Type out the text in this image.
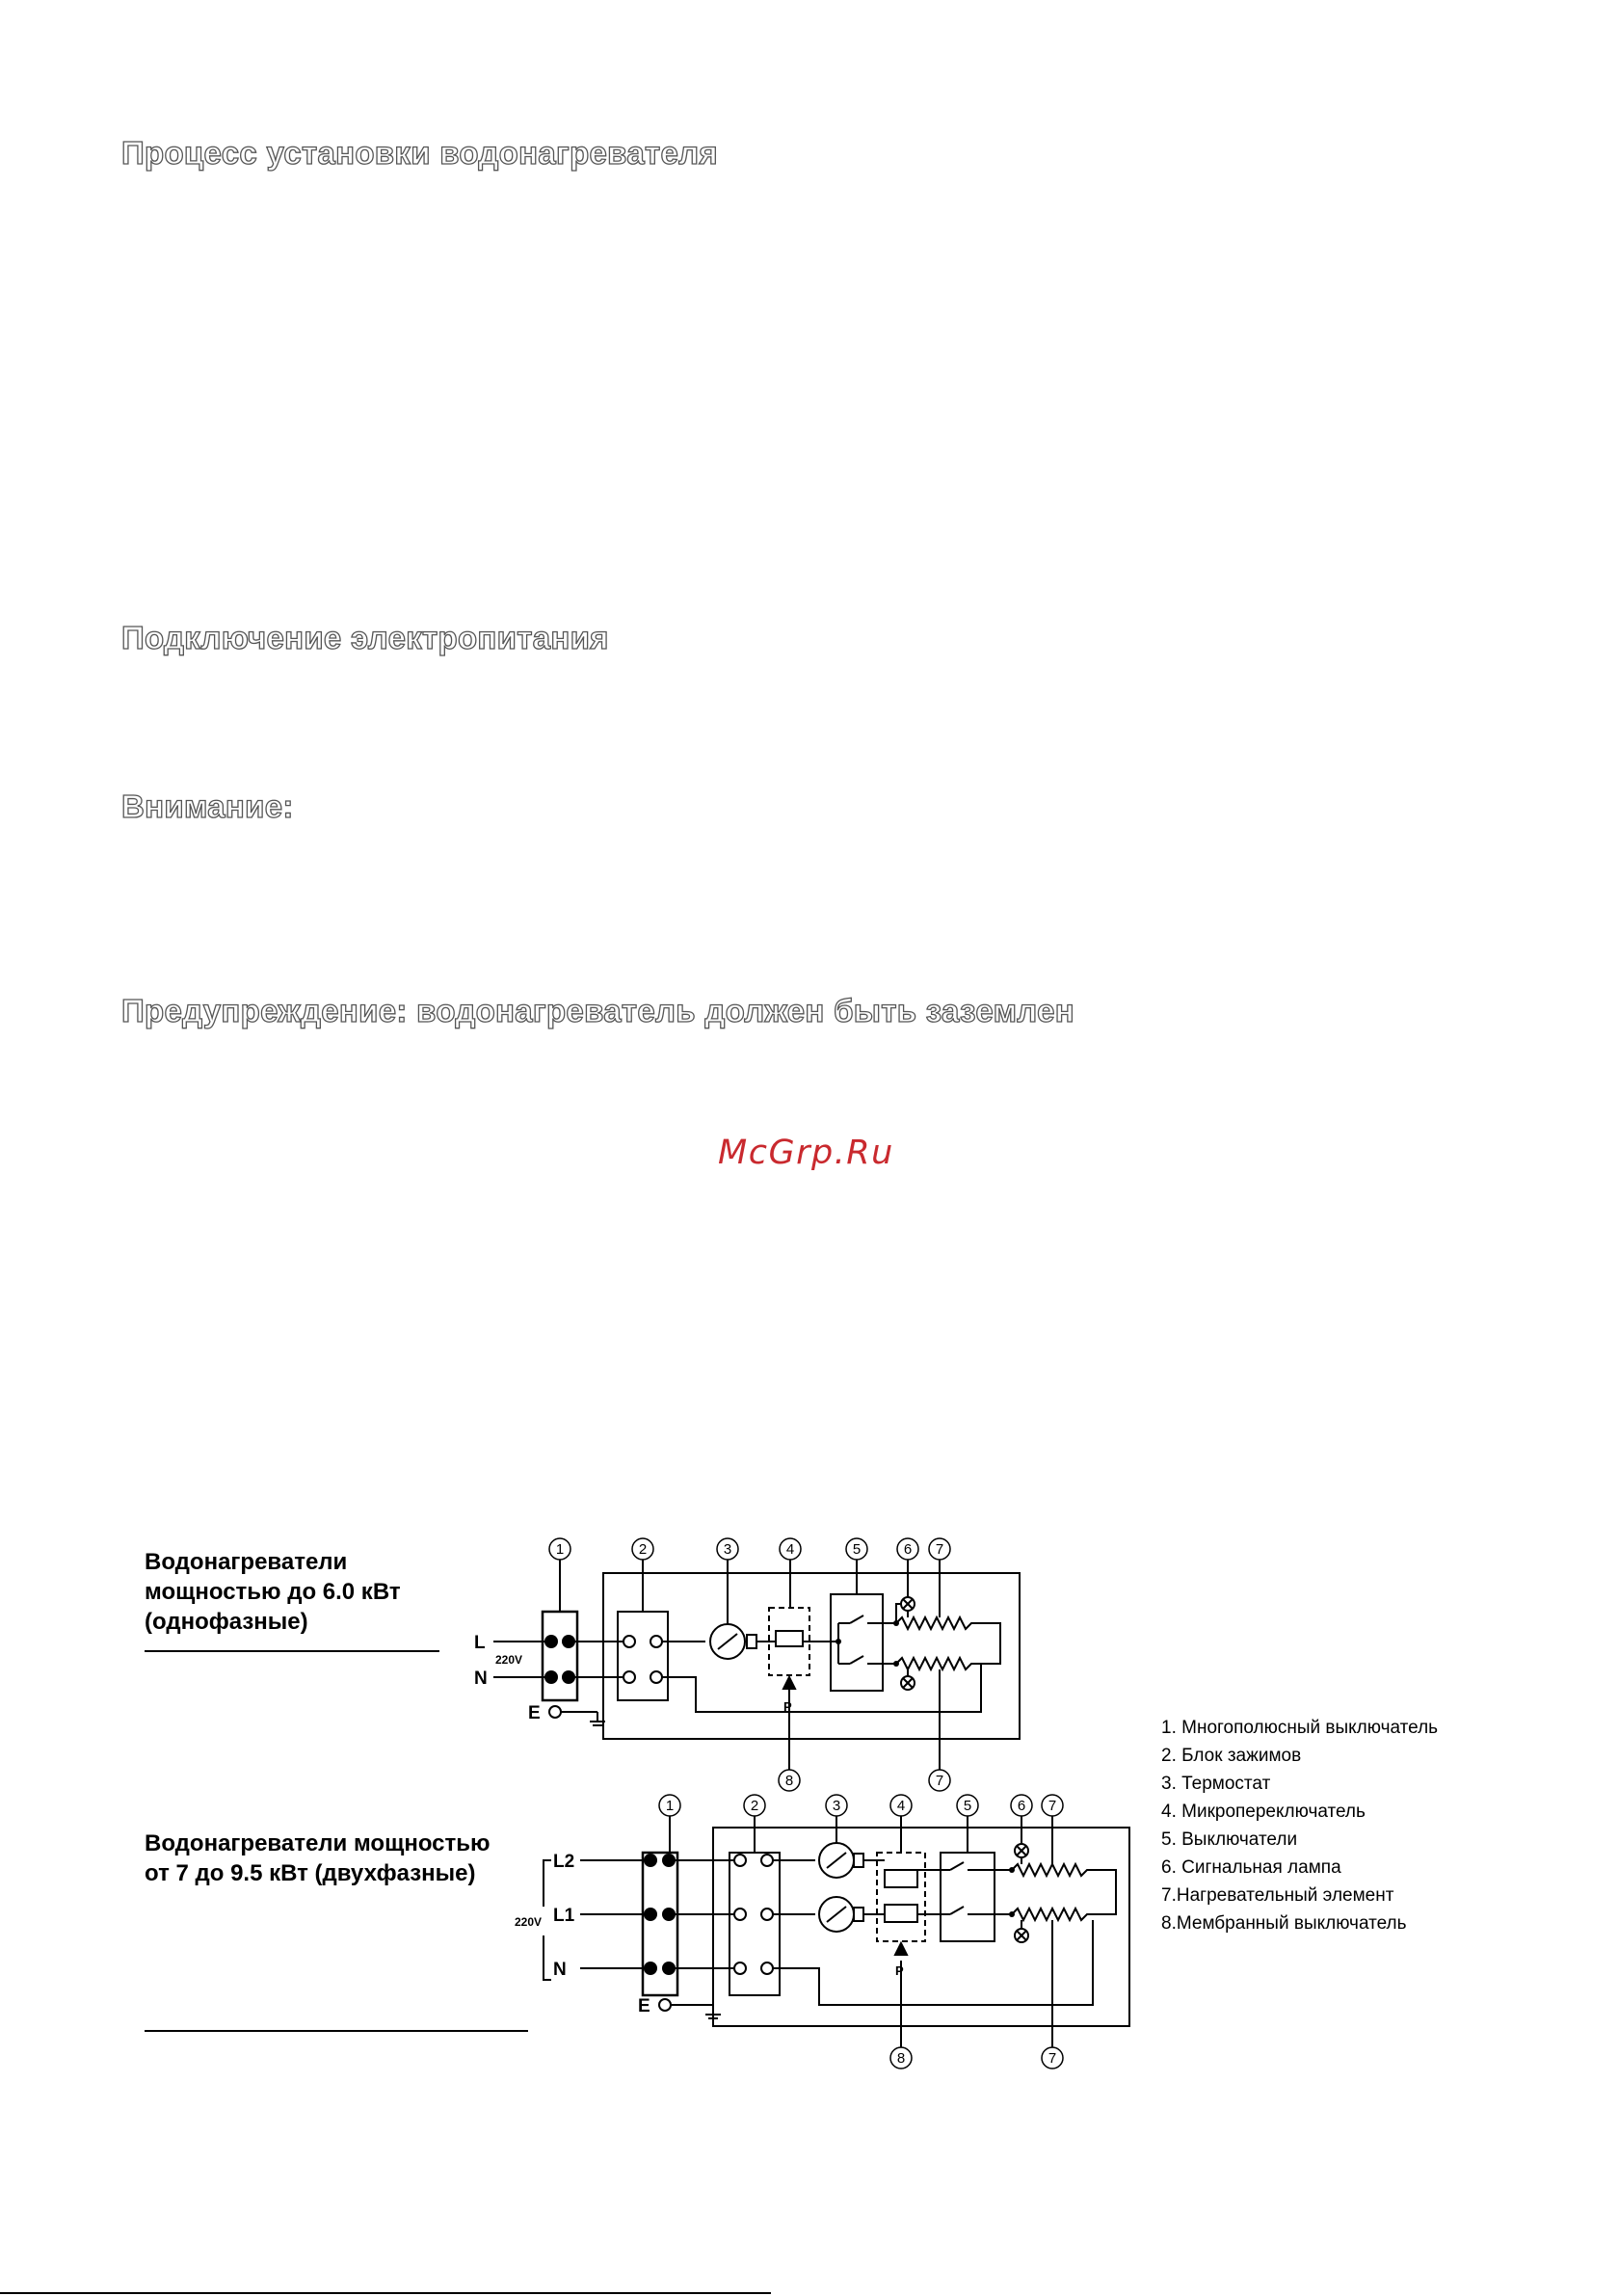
Процесс установки водонагревателя
Подключение электропитания
Внимание:
Предупреждение: водонагреватель должен быть заземлен
McGrp.Ru
Водонагреватели
мощностью до 6.0 кВт
(однофазные)
Водонагреватели мощностью
от 7 до 9.5 кВт (двухфазные)
L
N
E
220V
P
1	2	3	4	5	6 7
8	7
L2
L1
N
220V
E
P
1	2	3	4	5	6 7
8	7
1. Многополюсный выключатель
2. Блок зажимов
3. Термостат
4. Микропереключатель
5. Выключатели
6. Сигнальная лампа
7.Нагревательный элемент
8.Мембранный выключатель
